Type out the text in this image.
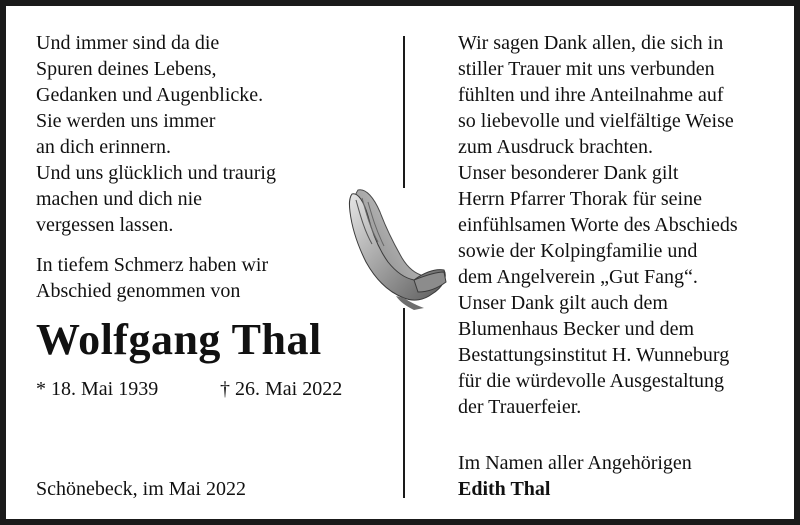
Und immer sind da die
Spuren deines Lebens,
Gedanken und Augenblicke.
Sie werden uns immer
an dich erinnern.
Und uns glücklich und traurig
machen und dich nie
vergessen lassen.

In tiefem Schmerz haben wir
Abschied genommen von

Wolfgang Thal
* 18. Mai 1939	† 26. Mai 2022
Schönebeck, im Mai 2022

Wir sagen Dank allen, die sich in
stiller Trauer mit uns verbunden
fühlten und ihre Anteilnahme auf
so liebevolle und vielfältige Weise
zum Ausdruck brachten.
Unser besonderer Dank gilt
Herrn Pfarrer Thorak für seine
einfühlsamen Worte des Abschieds
sowie der Kolpingfamilie und
dem Angelverein „Gut Fang“.
Unser Dank gilt auch dem
Blumenhaus Becker und dem
Bestattungsinstitut H. Wunneburg
für die würdevolle Ausgestaltung
der Trauerfeier.

Im Namen aller Angehörigen
Edith Thal
